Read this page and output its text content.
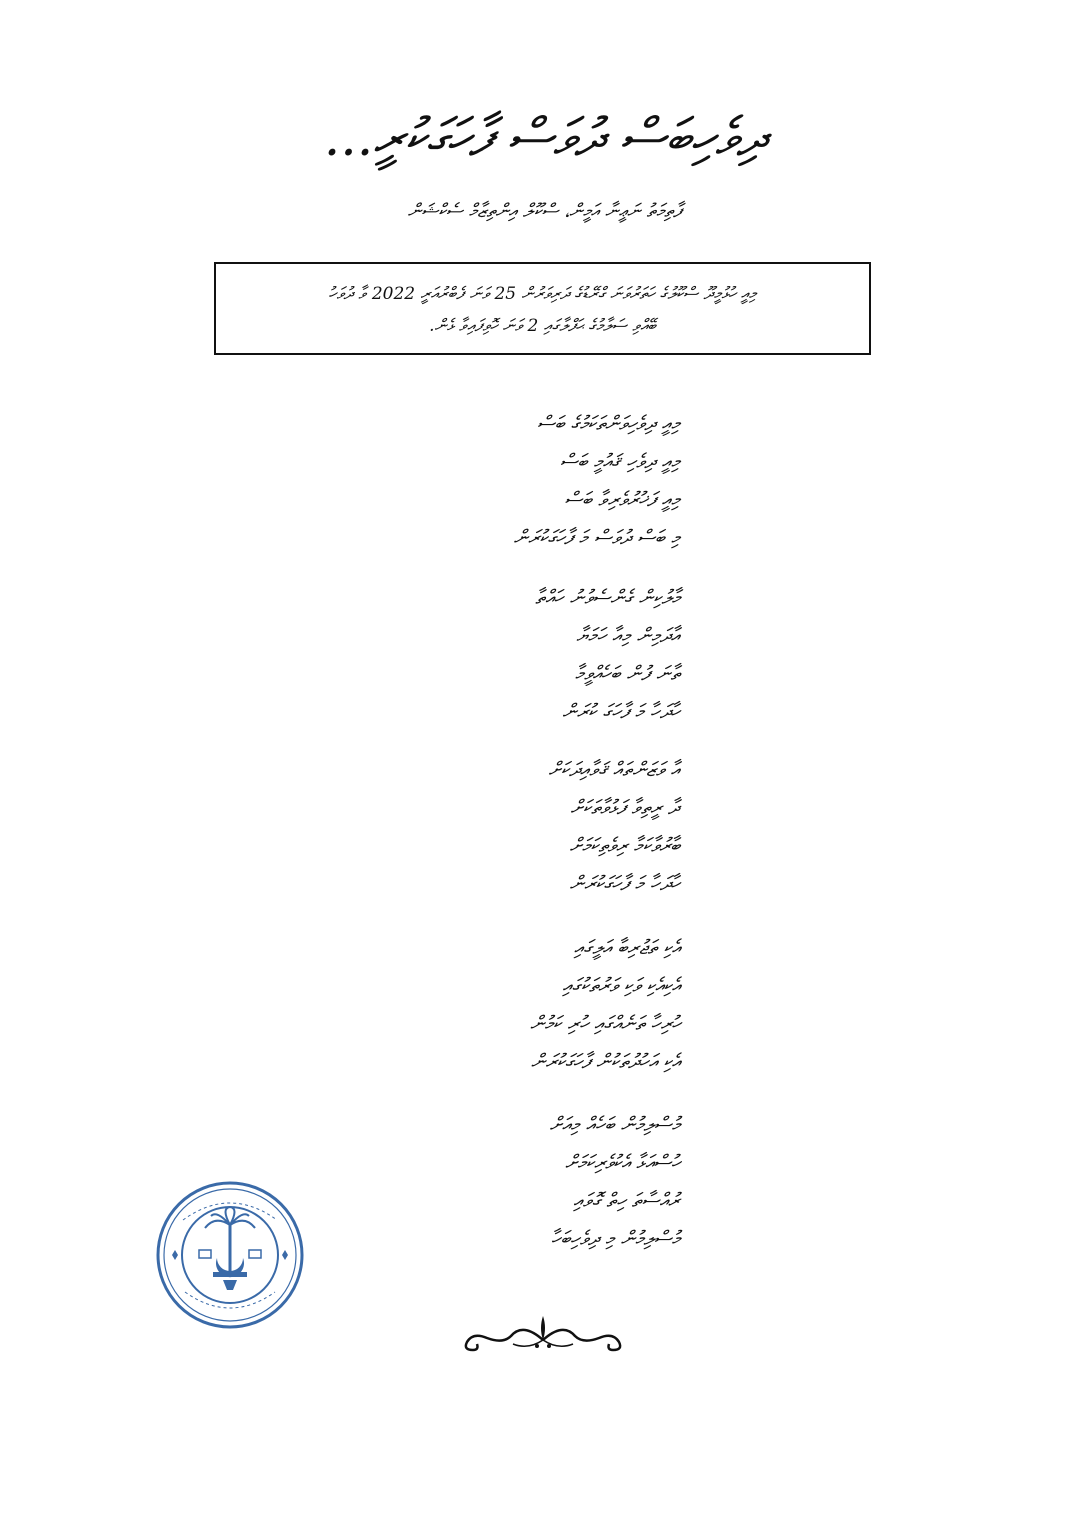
ދިވެހިބަސް ދުވަސް ފާހަގަކުރީ...
ފާތިމަތު ނަޢީނާ އަމީން، ސްކޫލް އިންތިޒާމް ސެކްޝަން
މިއީ ހުޅުމީދޫ ސްކޫލުގެ ހަތަރުވަނަ ގްރޭޑުގެ ދަރިވަރުން 25 ވަނަ ފެބްރުއަރީ 2022 ވާ ދުވަހު
ބޭއްވި ސަލާމުގެ ޙަފްލާގައި 2 ވަނަ ހޮވިފައިވާ ޅެން.
މިއީ ދިވެހިވަންތަކަމުގެ ބަސް
މިއީ ދިވެހި ޤައުމީ ބަސް
މިއީ ފަޚުރުވެރިވާ ބަސް
މި ބަސް ދުވަސް މަ ފާހަގަކުރަން
މާލުކިން ގެންސެވުނު ހައްތާ
އާދަމިން މިއާ ހަމަޔާ
ތާނަ ފުން ބަހެއްވީމާ
ހާދަހާ މަ ފާހަގަ ކުރަން
އާ ވަޒަންތައް ޤަވާއިދަކަށް
ދާ ރީތިވާ ފަޅުވާތަކަށް
ބާރުވާކަމާ ރިވެތިކަމަށް
ހާދަހާ މަ ފާހަގަކުރަން
އެކި ތަޖުރިބާ އަލީގައި
އެކިއެކި ވަކި ވަރުތަކުގައި
ހުރިހާ ތަނެއްގައި ހުރި ކަމުން
އެކި އަހުދުތަކުން ފާހަގަކުރަން
މުސްލިމުން ބަހެއް މިއަށް
ހުސްއަޅާ އެކުވެރިކަމަށް
ރުއްސާތަ ހިތް ގޮވައި
މުސްލިމުން މި ދިވެހިބަހާ
